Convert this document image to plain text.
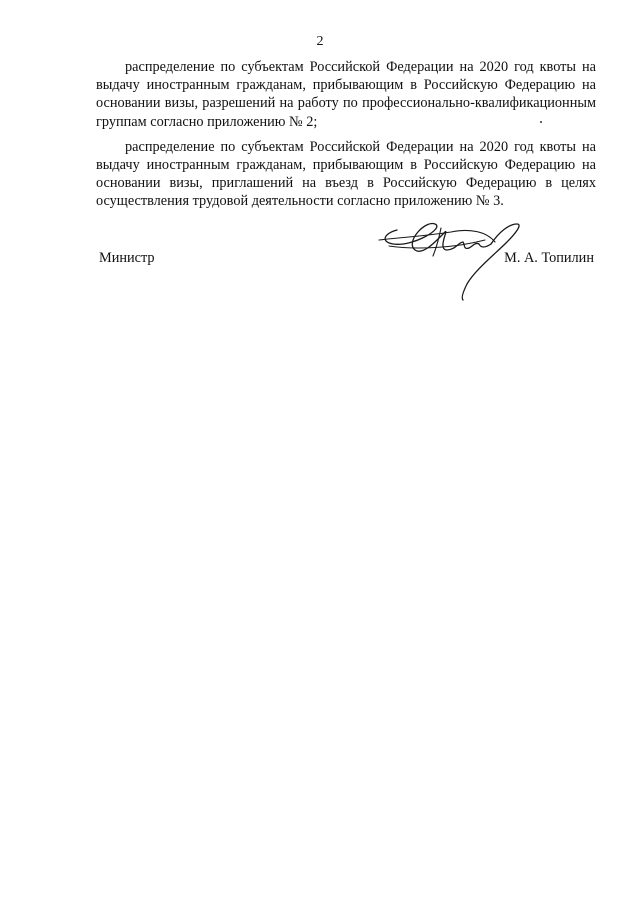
2

распределение по субъектам Российской Федерации на 2020 год квоты на выдачу иностранным гражданам, прибывающим в Российскую Федерацию на основании визы, разрешений на работу по профессионально-квалификационным группам согласно приложению № 2;

распределение по субъектам Российской Федерации на 2020 год квоты на выдачу иностранным гражданам, прибывающим в Российскую Федерацию на основании визы, приглашений на въезд в Российскую Федерацию в целях осуществления трудовой деятельности согласно приложению № 3.

Министр	М. А. Топилин
